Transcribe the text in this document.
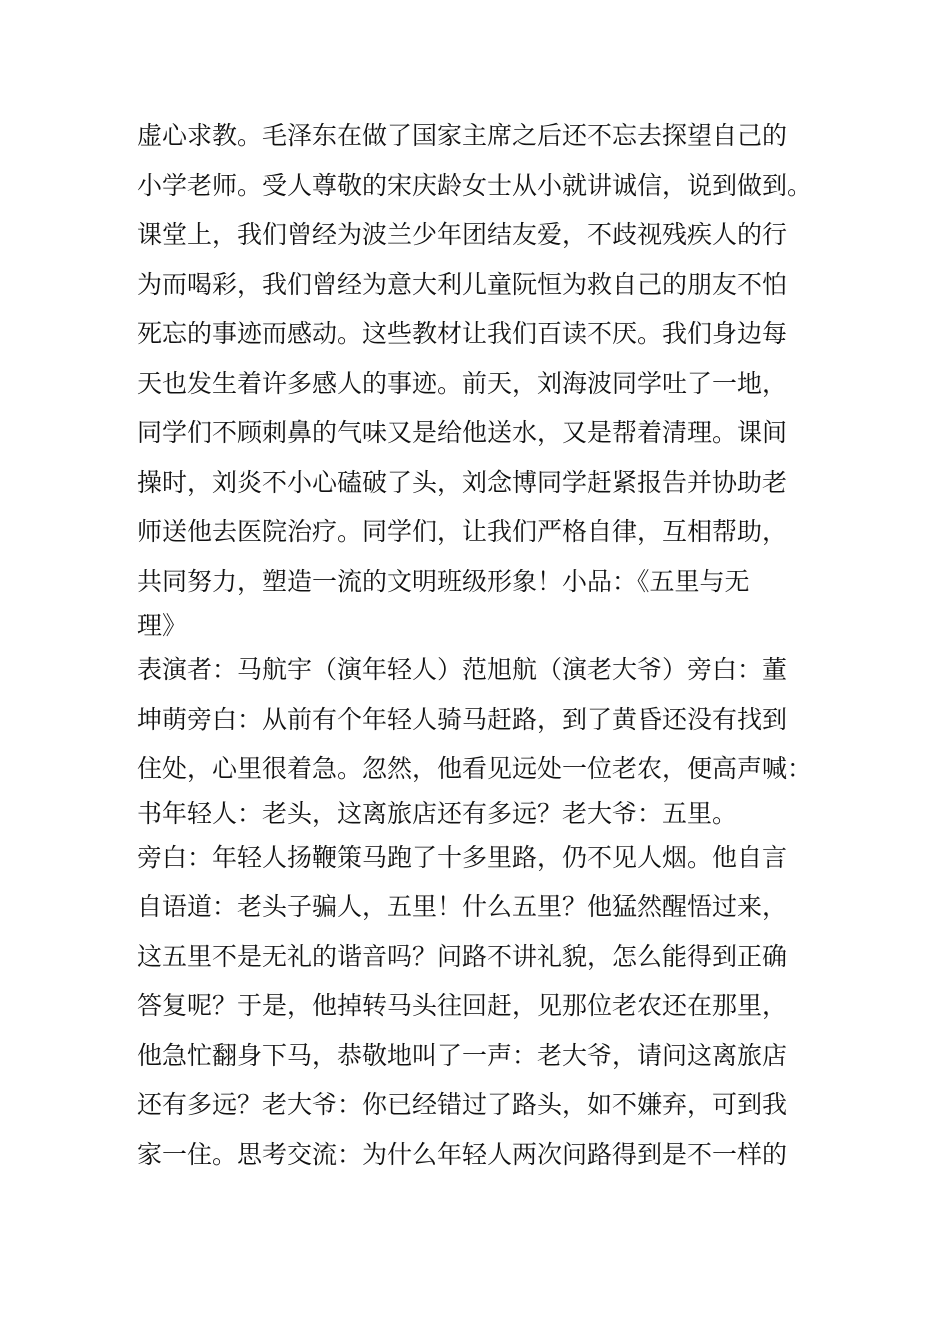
虚心求教。毛泽东在做了国家主席之后还不忘去探望自己的
小学老师。受人尊敬的宋庆龄女士从小就讲诚信，说到做到。
课堂上，我们曾经为波兰少年团结友爱，不歧视残疾人的行
为而喝彩，我们曾经为意大利儿童阮恒为救自己的朋友不怕
死忘的事迹而感动。这些教材让我们百读不厌。我们身边每
天也发生着许多感人的事迹。前天，刘海波同学吐了一地，
同学们不顾刺鼻的气味又是给他送水，又是帮着清理。课间
操时，刘炎不小心磕破了头，刘念博同学赶紧报告并协助老
师送他去医院治疗。同学们，让我们严格自律，互相帮助，
共同努力，塑造一流的文明班级形象！小品：《五里与无
理》
表演者：马航宇（演年轻人）范旭航（演老大爷）旁白：董
坤萌旁白：从前有个年轻人骑马赶路，到了黄昏还没有找到
住处，心里很着急。忽然，他看见远处一位老农，便高声喊：
书年轻人：老头，这离旅店还有多远？老大爷：五里。
旁白：年轻人扬鞭策马跑了十多里路，仍不见人烟。他自言
自语道：老头子骗人，五里！什么五里？他猛然醒悟过来，
这五里不是无礼的谐音吗？问路不讲礼貌，怎么能得到正确
答复呢？于是，他掉转马头往回赶，见那位老农还在那里，
他急忙翻身下马，恭敬地叫了一声：老大爷，请问这离旅店
还有多远？老大爷：你已经错过了路头，如不嫌弃，可到我
家一住。思考交流：为什么年轻人两次问路得到是不一样的
